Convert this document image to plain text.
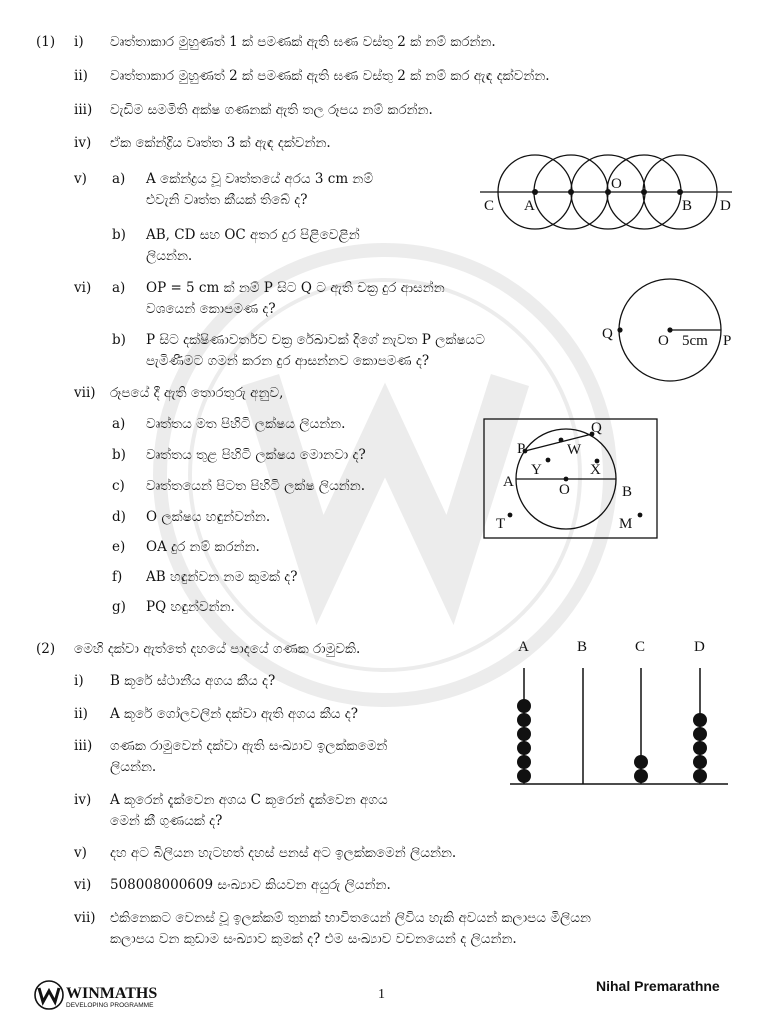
(1) i) වෘත්තාකාර මුහුණත් 1 ක් පමණක් ඇති ඝණ වස්තු 2 ක් නම් කරන්න.
ii) වෘත්තාකාර මුහුණත් 2 ක් පමණක් ඇති ඝණ වස්තු 2 ක් නම් කර ඇඳ දක්වන්න.
iii) වැඩිම සමමිති අක්ෂ ගණනක් ඇති තල රූපය නම් කරන්න.
iv) ඒක කේන්ද්‍රිය වෘත්ත 3 ක් ඇඳ දක්වන්න.
v) a) A කේන්ද්‍රය වූ වෘත්තයේ අරය 3 cm නම්
එවැනි වෘත්ත කීයක් තිබේ ද?
b) AB, CD සහ OC අතර දුර පිළිවෙළින්
ලියන්න.
vi) a) OP = 5 cm ක් නම් P සිට Q ට ඇති චක්‍ර දුර ආසන්න
වශයෙන් කොපමණ ද?
b) P සිට දක්ෂිණාවර්තව චක්‍ර රේඛාවක් දිගේ නැවත P ලක්ෂයට
පැමිණීමට ගමන් කරන දුර ආසන්නව කොපමණ ද?
vii) රූපයේ දී ඇති තොරතුරු අනුව,
a) වෘත්තය මත පිහිටි ලක්ෂය ලියන්න.
b) වෘත්තය තුළ පිහිටි ලක්ෂය මොනවා ද?
c) වෘත්තයෙන් පිටත පිහිටි ලක්ෂ ලියන්න.
d) O ලක්ෂය හඳුන්වන්න.
e) OA දුර නම් කරන්න.
f) AB හඳුන්වන නම කුමක් ද?
g) PQ හඳුන්වන්න.
C A
O
B D
Q	O 5cm P
P
Q
W
Y	X
A	O	B
T	M
(2) මෙහි දක්වා ඇත්තේ දහයේ පාදයේ ගණක රාමුවකි.
i) B කූරේ ස්ථානීය අගය කීය ද?
ii) A කූරේ ගෝලවලින් දක්වා ඇති අගය කීය ද?
iii) ගණක රාමුවෙන් දක්වා ඇති සංඛ්‍යාව ඉලක්කමෙන්
ලියන්න.
iv) A කූරෙන් දැක්වෙන අගය C කූරෙන් දැක්වෙන අගය
මෙන් කී ගුණයක් ද?
v) දහ අට බිලියන හැටහත් දහස් පනස් අට ඉලක්කමෙන් ලියන්න.
vi) 508008000609 සංඛ්‍යාව කියවන අයුරු ලියන්න.
vii) එකිනෙකට වෙනස් වූ ඉලක්කම් තුනක් භාවිතයෙන් ලිවිය හැකි අවයන් කලාපය මිලියන
කලාපය වන කුඩාම සංඛ්‍යාව කුමක් ද? එම සංඛ්‍යාව වචනයෙන් ද ලියන්න.
A	B	C	D
WINMATHS
DEVELOPING PROGRAMME
1
Nihal Premarathne
